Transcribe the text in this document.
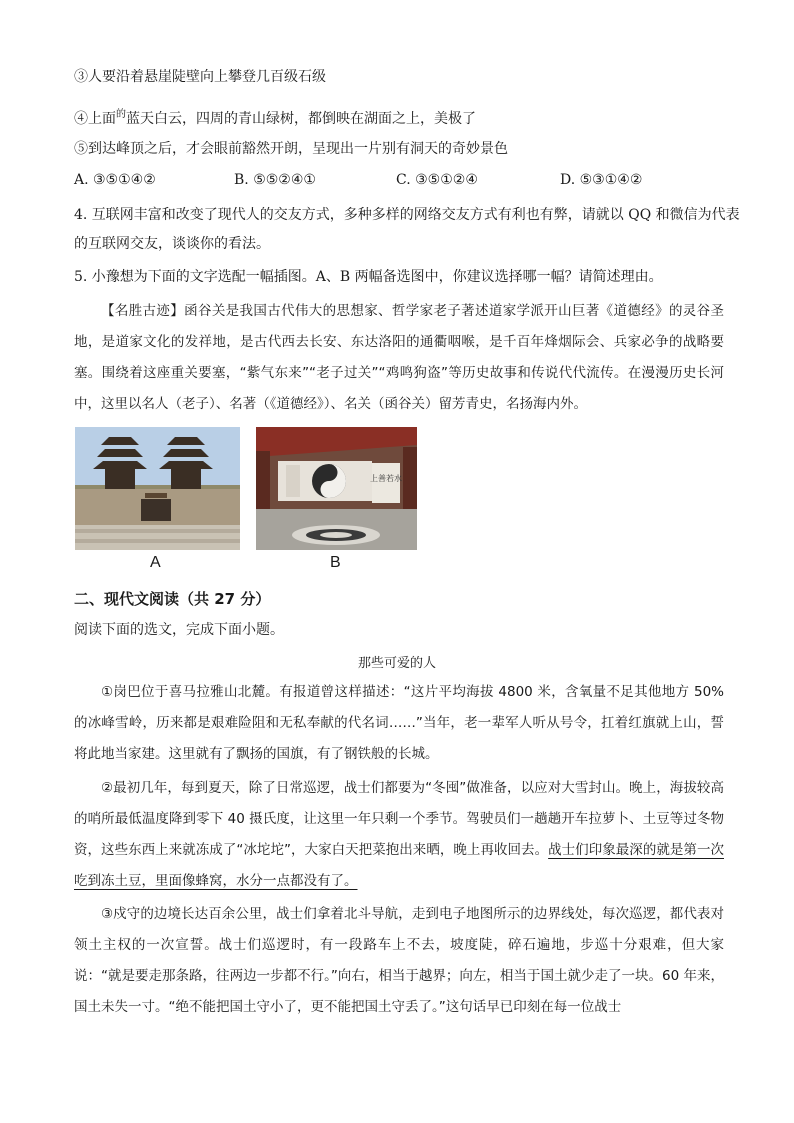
③人要沿着悬崖陡壁向上攀登几百级石级
④上面$^的$蓝天白云，四周的青山绿树，都倒映在湖面之上，美极了
⑤到达峰顶之后，才会眼前豁然开朗，呈现出一片别有洞天的奇妙景色
A. ③⑤①④②	B. ⑤⑤②④①	C. ③⑤①②④	D. ⑤③①④②
4. 互联网丰富和改变了现代人的交友方式，多种多样的网络交友方式有利也有弊，请就以 QQ 和微信为代表
的互联网交友，谈谈你的看法。
5. 小豫想为下面的文字选配一幅插图。A、B 两幅备选图中，你建议选择哪一幅？请简述理由。
【名胜古迹】函谷关是我国古代伟大的思想家、哲学家老子著述道家学派开山巨著《道德经》的灵谷圣地，是道家文化的发祥地，是古代西去长安、东达洛阳的通衢咽喉，是千百年烽烟际会、兵家必争的战略要塞。围绕着这座重关要塞，“紫气东来”“老子过关”“鸡鸣狗盗”等历史故事和传说代代流传。在漫漫历史长河中，这里以名人（老子）、名著（《道德经》）、名关（函谷关）留芳青史，名扬海内外。
A
上善若水
B
二、现代文阅读（共 27 分）
阅读下面的选文，完成下面小题。
那些可爱的人
①岗巴位于喜马拉雅山北麓。有报道曾这样描述：“这片平均海拔 4800 米，含氧量不足其他地方 50% 的冰峰雪岭，历来都是艰难险阻和无私奉献的代名词……”当年，老一辈军人听从号令，扛着红旗就上山，誓将此地当家建。这里就有了飘扬的国旗，有了钢铁般的长城。
②最初几年，每到夏天，除了日常巡逻，战士们都要为“冬囤”做准备，以应对大雪封山。晚上，海拔较高的哨所最低温度降到零下 40 摄氏度，让这里一年只剩一个季节。驾驶员们一趟趟开车拉萝卜、土豆等过冬物资，这些东西上来就冻成了“冰坨坨”，大家白天把菜抱出来晒，晚上再收回去。战士们印象最深的就是第一次吃到冻土豆，里面像蜂窝，水分一点都没有了。
③戍守的边境长达百余公里，战士们拿着北斗导航，走到电子地图所示的边界线处，每次巡逻，都代表对领土主权的一次宣誓。战士们巡逻时，有一段路车上不去，坡度陡，碎石遍地，步巡十分艰难，但大家说：“就是要走那条路，往两边一步都不行。”向右，相当于越界；向左，相当于国土就少走了一块。60 年来，国土未失一寸。“绝不能把国土守小了，更不能把国土守丢了。”这句话早已印刻在每一位战士
